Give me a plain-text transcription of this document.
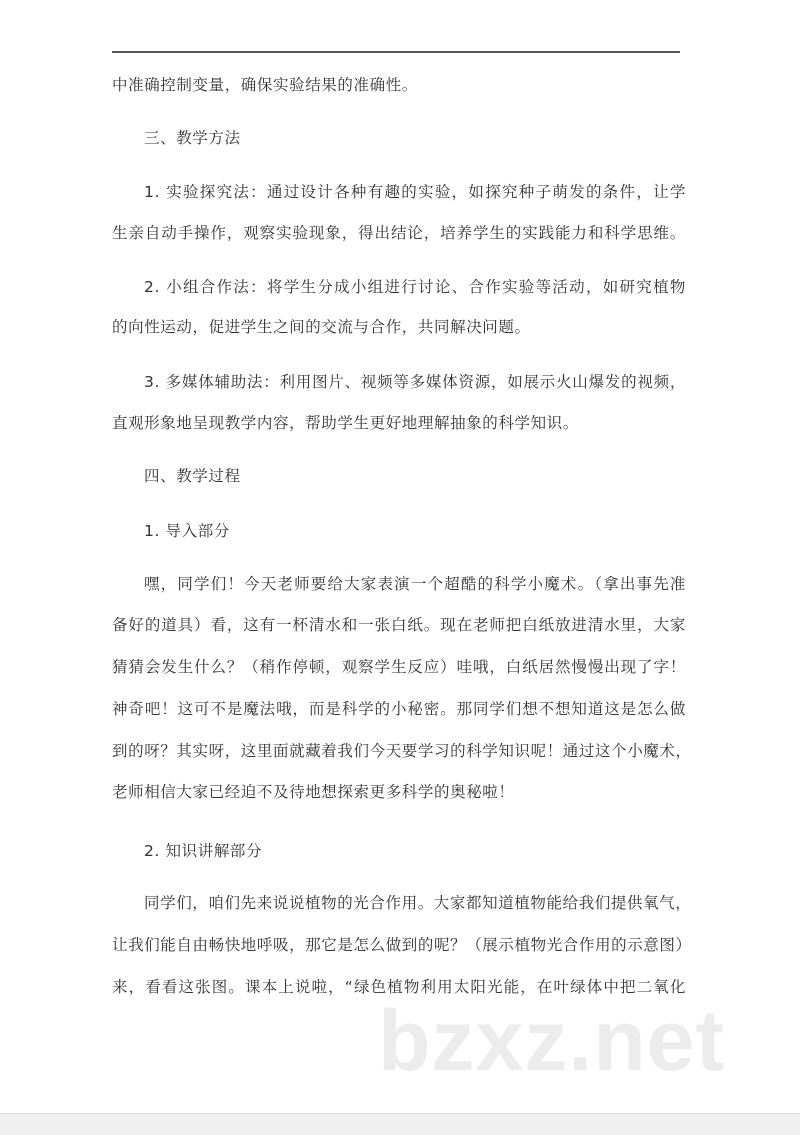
中准确控制变量，确保实验结果的准确性。
三、教学方法
1. 实验探究法：通过设计各种有趣的实验，如探究种子萌发的条件，让学
生亲自动手操作，观察实验现象，得出结论，培养学生的实践能力和科学思维。
2. 小组合作法：将学生分成小组进行讨论、合作实验等活动，如研究植物
的向性运动，促进学生之间的交流与合作，共同解决问题。
3. 多媒体辅助法：利用图片、视频等多媒体资源，如展示火山爆发的视频，
直观形象地呈现教学内容，帮助学生更好地理解抽象的科学知识。
四、教学过程
1. 导入部分
嘿，同学们！今天老师要给大家表演一个超酷的科学小魔术。（拿出事先准
备好的道具）看，这有一杯清水和一张白纸。现在老师把白纸放进清水里，大家
猜猜会发生什么？（稍作停顿，观察学生反应）哇哦，白纸居然慢慢出现了字！
神奇吧！这可不是魔法哦，而是科学的小秘密。那同学们想不想知道这是怎么做
到的呀？其实呀，这里面就藏着我们今天要学习的科学知识呢！通过这个小魔术，
老师相信大家已经迫不及待地想探索更多科学的奥秘啦！
2. 知识讲解部分
同学们，咱们先来说说植物的光合作用。大家都知道植物能给我们提供氧气，
让我们能自由畅快地呼吸，那它是怎么做到的呢？（展示植物光合作用的示意图）
来，看看这张图。课本上说啦，“绿色植物利用太阳光能，在叶绿体中把二氧化
bzxz.net
